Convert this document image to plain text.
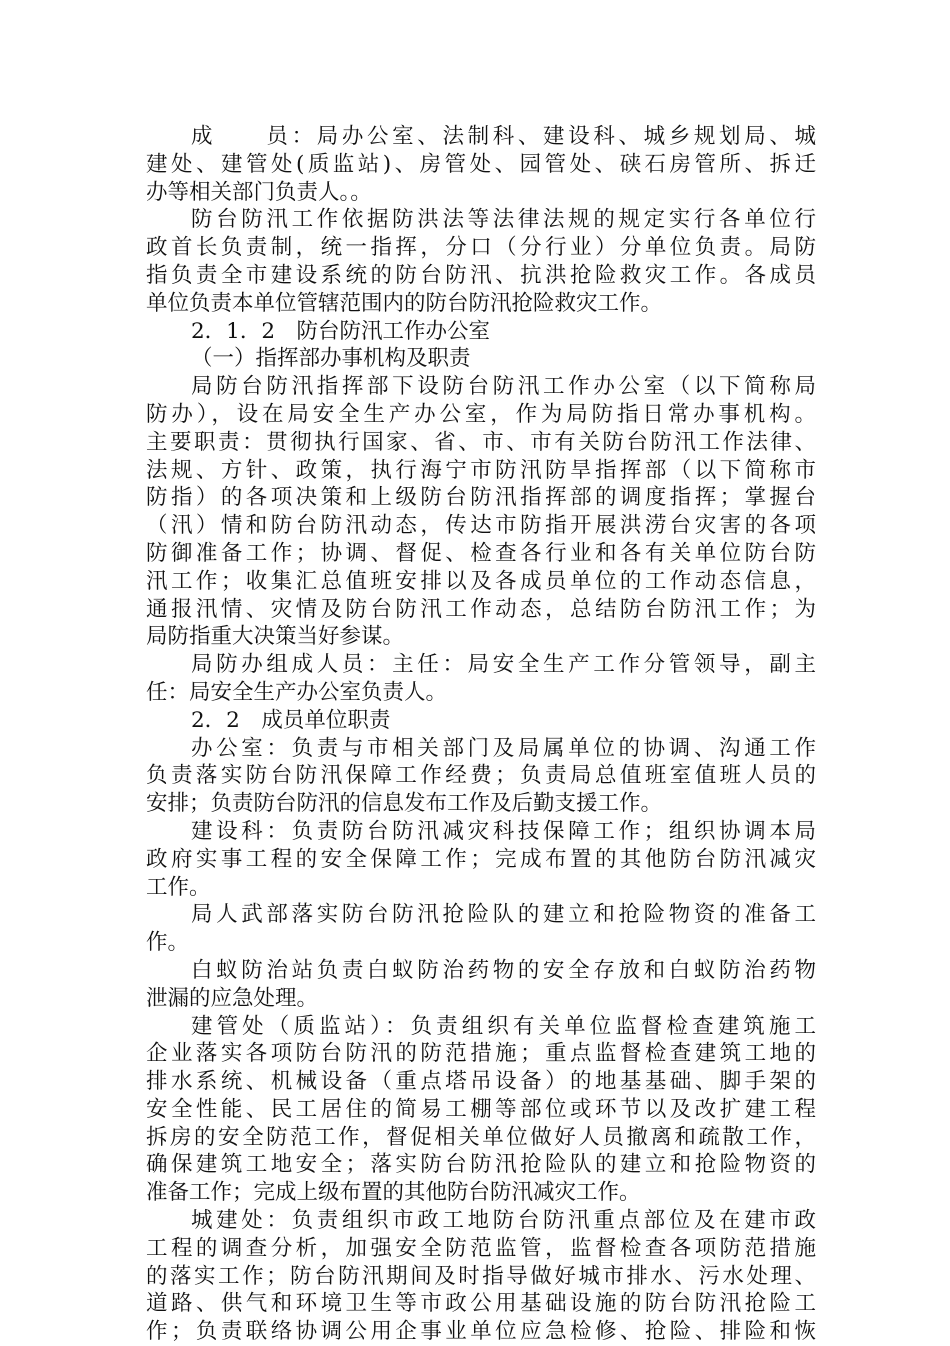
成　　员：局办公室、法制科、建设科、城乡规划局、城
建处、建管处(质监站)、房管处、园管处、硖石房管所、拆迁
办等相关部门负责人。。
防台防汛工作依据防洪法等法律法规的规定实行各单位行
政首长负责制，统一指挥，分口（分行业）分单位负责。局防
指负责全市建设系统的防台防汛、抗洪抢险救灾工作。各成员
单位负责本单位管辖范围内的防台防汛抢险救灾工作。
2．1．2　防台防汛工作办公室
（一）指挥部办事机构及职责
局防台防汛指挥部下设防台防汛工作办公室（以下简称局
防办），设在局安全生产办公室，作为局防指日常办事机构。
主要职责：贯彻执行国家、省、市、市有关防台防汛工作法律、
法规、方针、政策，执行海宁市防汛防旱指挥部（以下简称市
防指）的各项决策和上级防台防汛指挥部的调度指挥；掌握台
（汛）情和防台防汛动态，传达市防指开展洪涝台灾害的各项
防御准备工作；协调、督促、检查各行业和各有关单位防台防
汛工作；收集汇总值班安排以及各成员单位的工作动态信息，
通报汛情、灾情及防台防汛工作动态，总结防台防汛工作；为
局防指重大决策当好参谋。
局防办组成人员：主任：局安全生产工作分管领导，副主
任：局安全生产办公室负责人。
2．2　成员单位职责
办公室：负责与市相关部门及局属单位的协调、沟通工作
负责落实防台防汛保障工作经费；负责局总值班室值班人员的
安排；负责防台防汛的信息发布工作及后勤支援工作。
建设科：负责防台防汛减灾科技保障工作；组织协调本局
政府实事工程的安全保障工作；完成布置的其他防台防汛减灾
工作。
局人武部落实防台防汛抢险队的建立和抢险物资的准备工
作。
白蚁防治站负责白蚁防治药物的安全存放和白蚁防治药物
泄漏的应急处理。
建管处（质监站）：负责组织有关单位监督检查建筑施工
企业落实各项防台防汛的防范措施；重点监督检查建筑工地的
排水系统、机械设备（重点塔吊设备）的地基基础、脚手架的
安全性能、民工居住的简易工棚等部位或环节以及改扩建工程
拆房的安全防范工作，督促相关单位做好人员撤离和疏散工作，
确保建筑工地安全；落实防台防汛抢险队的建立和抢险物资的
准备工作；完成上级布置的其他防台防汛减灾工作。
城建处：负责组织市政工地防台防汛重点部位及在建市政
工程的调查分析，加强安全防范监管，监督检查各项防范措施
的落实工作；防台防汛期间及时指导做好城市排水、污水处理、
道路、供气和环境卫生等市政公用基础设施的防台防汛抢险工
作；负责联络协调公用企事业单位应急检修、抢险、排险和恢
